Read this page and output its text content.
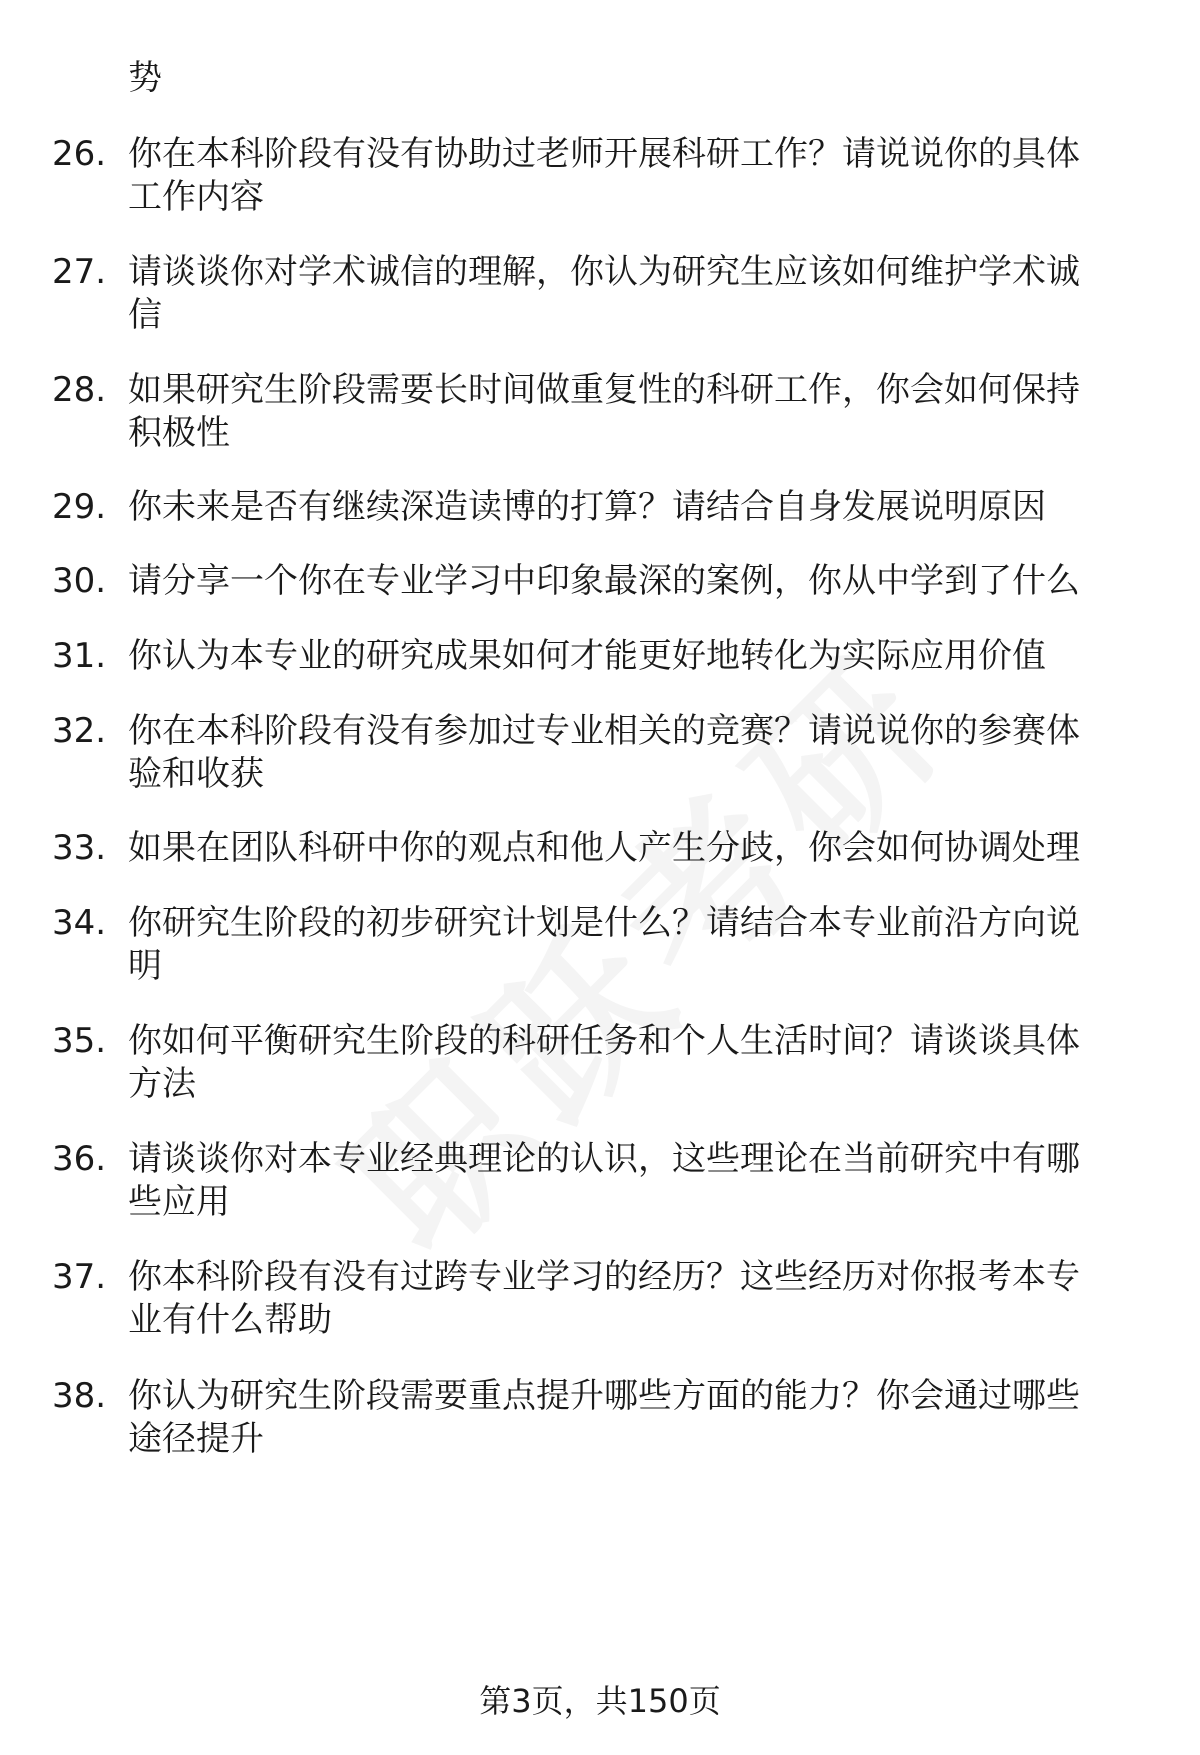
势
26. 你在本科阶段有没有协助过老师开展科研工作？请说说你的具体
工作内容
27. 请谈谈你对学术诚信的理解，你认为研究生应该如何维护学术诚
信
28. 如果研究生阶段需要长时间做重复性的科研工作，你会如何保持
积极性
29. 你未来是否有继续深造读博的打算？请结合自身发展说明原因
30. 请分享一个你在专业学习中印象最深的案例，你从中学到了什么
31. 你认为本专业的研究成果如何才能更好地转化为实际应用价值
32. 你在本科阶段有没有参加过专业相关的竞赛？请说说你的参赛体
验和收获
33. 如果在团队科研中你的观点和他人产生分歧，你会如何协调处理
34. 你研究生阶段的初步研究计划是什么？请结合本专业前沿方向说
明
35. 你如何平衡研究生阶段的科研任务和个人生活时间？请谈谈具体
方法
36. 请谈谈你对本专业经典理论的认识，这些理论在当前研究中有哪
些应用
37. 你本科阶段有没有过跨专业学习的经历？这些经历对你报考本专
业有什么帮助
38. 你认为研究生阶段需要重点提升哪些方面的能力？你会通过哪些
途径提升
第3页，共150页
